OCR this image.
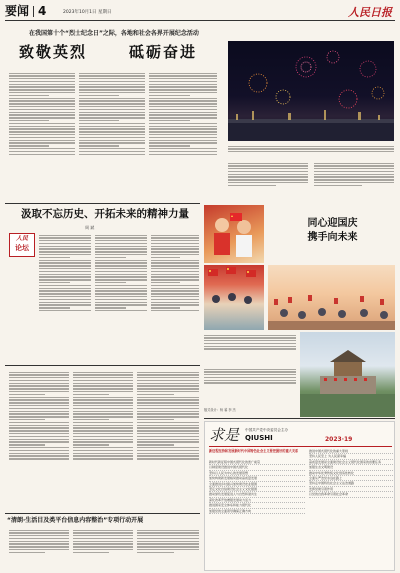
要闻 4	2023年10月1日 星期日	人民日报
在我国第十个“烈士纪念日”之际，各地和社会各界开展纪念活动
致敬英烈	砥砺奋进
汲取不忘历史、开拓未来的精神力量
周 斌
人民
论坛
“清朗·生活目及类平台信息内容整治”专项行动开展
同心迎国庆
携手向未来
版式设计：杨 睿 李 杰
求是 中国共产党中央委员会主办
QIUSHI	2023·19
新征程坚持和发展新时代中国特色社会主义要把握好的重大关系
新时代新征程中国式现代化的宽广前景
以制度建设推进中国式现代化
坚持以人民为中心的发展思想
加快构建新发展格局推动高质量发展
全面推进乡村振兴加快建设农业强国
坚定文化自信建设社会主义文化强国
推动绿色发展促进人与自然和谐共生
深化改革开放增强发展动力活力
推进国家安全体系和能力现代化
加强党的全面领导确保正确方向
推进中国式现代化的重大原则
坚持人民至上 为人民谋幸福
高质量发展是全面建设社会主义现代化国家的首要任务
加强生态文明建设
推动中华优秀传统文化创造性转化
全面从严治党永远在路上
坚持走中国特色社会主义法治道路
发挥党建引领作用
以党的自我革命引领社会革命
